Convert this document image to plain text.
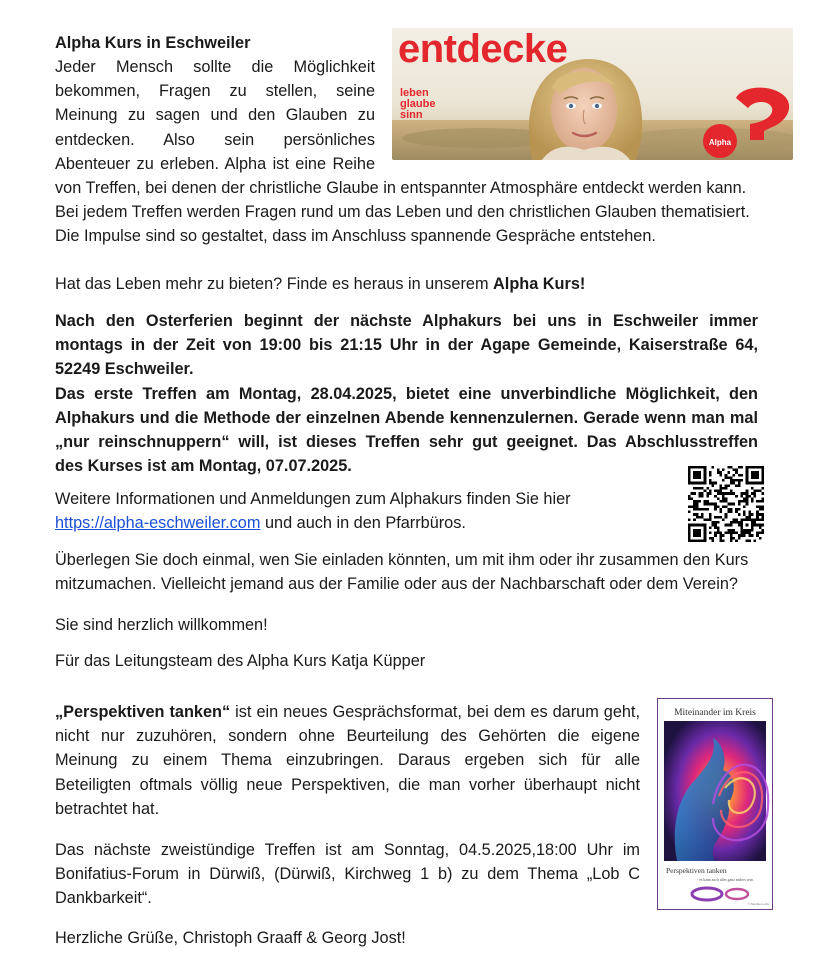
Alpha Kurs in Eschweiler
Jeder Mensch sollte die Möglichkeit
bekommen, Fragen zu stellen, seine
Meinung zu sagen und den Glauben zu
entdecken. Also sein persönliches
Abenteuer zu erleben. Alpha ist eine Reihe
von Treffen, bei denen der christliche Glaube in entspannter Atmosphäre entdeckt werden kann.
Bei jedem Treffen werden Fragen rund um das Leben und den christlichen Glauben thematisiert.
Die Impulse sind so gestaltet, dass im Anschluss spannende Gespräche entstehen.
Hat das Leben mehr zu bieten? Finde es heraus in unserem Alpha Kurs!
Nach den Osterferien beginnt der nächste Alphakurs bei uns in Eschweiler immer
montags in der Zeit von 19:00 bis 21:15 Uhr in der Agape Gemeinde, Kaiserstraße 64,
52249 Eschweiler.
Das erste Treffen am Montag, 28.04.2025, bietet eine unverbindliche Möglichkeit, den
Alphakurs und die Methode der einzelnen Abende kennenzulernen. Gerade wenn man mal
„nur reinschnuppern“ will, ist dieses Treffen sehr gut geeignet. Das Abschlusstreffen
des Kurses ist am Montag, 07.07.2025.
Weitere Informationen und Anmeldungen zum Alphakurs finden Sie hier
https://alpha-eschweiler.com und auch in den Pfarrbüros.
Überlegen Sie doch einmal, wen Sie einladen könnten, um mit ihm oder ihr zusammen den Kurs
mitzumachen. Vielleicht jemand aus der Familie oder aus der Nachbarschaft oder dem Verein?
Sie sind herzlich willkommen!
Für das Leitungsteam des Alpha Kurs Katja Küpper
„Perspektiven tanken“ ist ein neues Gesprächsformat, bei dem es darum geht,
nicht nur zuzuhören, sondern ohne Beurteilung des Gehörten die eigene
Meinung zu einem Thema einzubringen. Daraus ergeben sich für alle
Beteiligten oftmals völlig neue Perspektiven, die man vorher überhaupt nicht
betrachtet hat.
Das nächste zweistündige Treffen ist am Sonntag, 04.5.2025,18:00 Uhr im
Bonifatius-Forum in Dürwiß, (Dürwiß, Kirchweg 1 b) zu dem Thema „Lob C
Dankbarkeit“.
Herzliche Grüße, Christoph Graaff & Georg Jost!
entdecke
leben
glaube
sinn
Alpha
Miteinander im Kreis
Perspektiven tanken
- es kann auch alles ganz anders sein.
© Monika Lerbs
